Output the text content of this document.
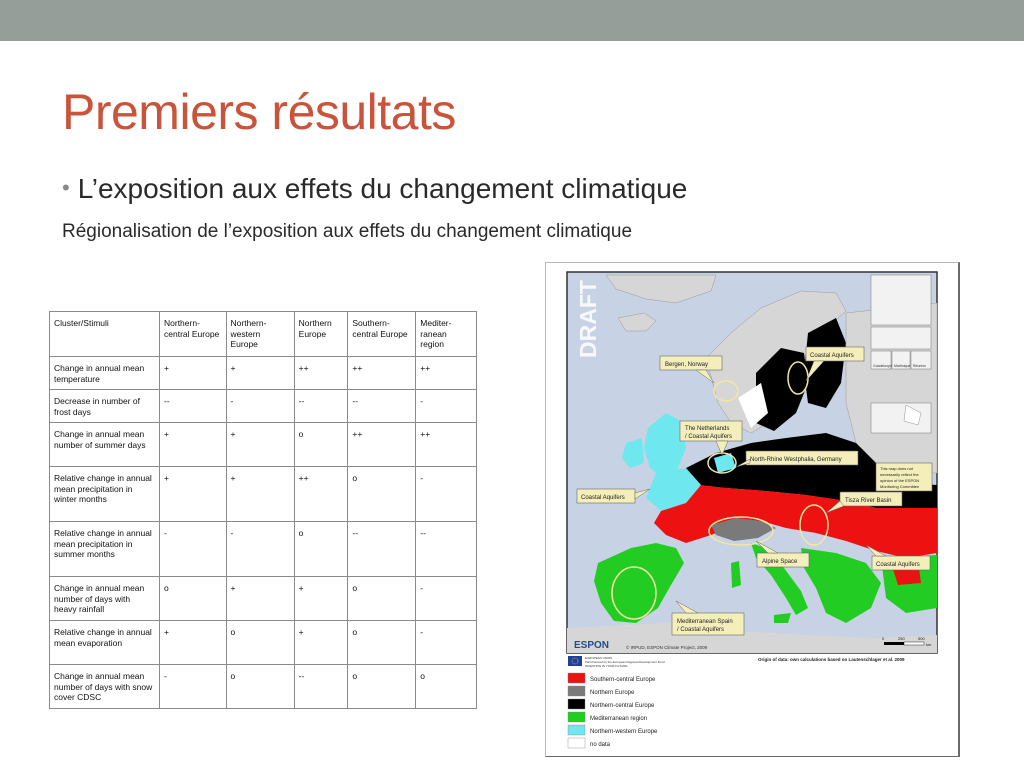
Premiers résultats
• L’exposition aux effets du changement climatique
Régionalisation de l’exposition aux effets du changement climatique
Cluster/Stimuli	Northern-central Europe	Northern-western Europe	Northern Europe	Southern-central Europe	Mediter-ranean region
Change in annual mean temperature	+	+	++	++	++
Decrease in number of frost days	--	-	--	--	-
Change in annual mean number of summer days	+	+	o	++	++
Relative change in annual mean precipitation in winter months	+	+	++	o	-
Relative change in annual mean precipitation in summer months	-	-	o	--	--
Change in annual mean number of days with heavy rainfall	o	+	+	o	-
Relative change in annual mean evaporation	+	o	+	o	-
Change in annual mean number of days with snow cover CDSC	-	o	--	o	o
DRAFT
Guadeloupe Martinique Réunion
Bergen, Norway
Coastal Aquifers
The Netherlands
/ Coastal Aquifers
North-Rhine Westphalia, Germany
This map does not
necessarily reflect the
opinion of the ESPON
Monitoring Committee
Coastal Aquifers	Tisza River Basin
Alpine Space	Coastal Aquifers
Mediterranean Spain
/ Coastal Aquifers
ESPON	© IRPUD, ESPON Climate Project, 2009
0	250	500
km
EUROPEAN UNION
Part-financed by the European Regional Development Fund
INVESTING IN YOUR FUTURE
Origin of data: own calculations based on Lautenschlager et al. 2009
Southern-central Europe
Northern Europe
Northern-central Europe
Mediterranean region
Northern-western Europe
no data
